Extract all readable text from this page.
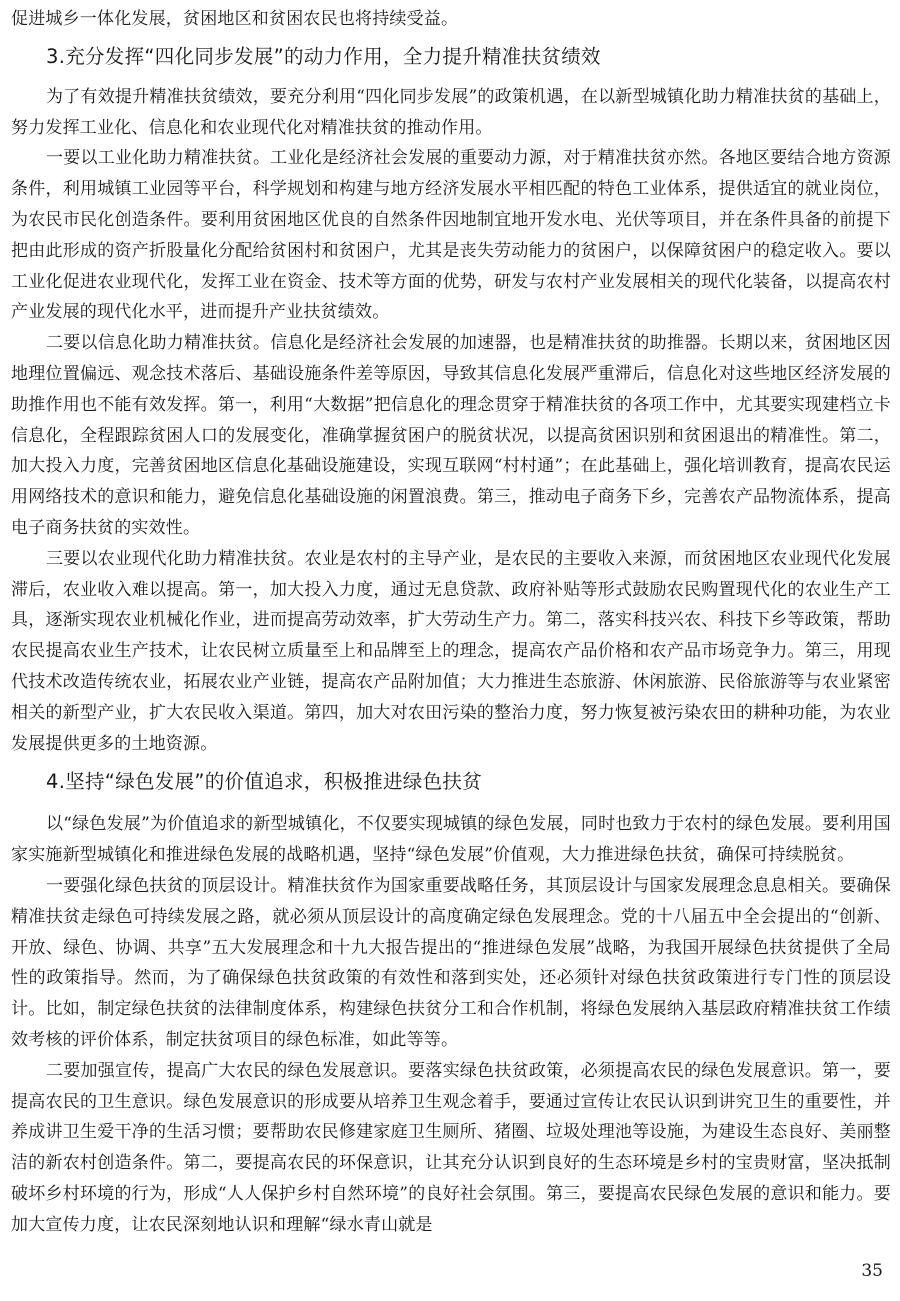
促进城乡一体化发展，贫困地区和贫困农民也将持续受益。

3.充分发挥“四化同步发展”的动力作用，全力提升精准扶贫绩效

为了有效提升精准扶贫绩效，要充分利用“四化同步发展”的政策机遇，在以新型城镇化助力精准扶贫的基础上，努力发挥工业化、信息化和农业现代化对精准扶贫的推动作用。

一要以工业化助力精准扶贫。工业化是经济社会发展的重要动力源，对于精准扶贫亦然。各地区要结合地方资源条件，利用城镇工业园等平台，科学规划和构建与地方经济发展水平相匹配的特色工业体系，提供适宜的就业岗位，为农民市民化创造条件。要利用贫困地区优良的自然条件因地制宜地开发水电、光伏等项目，并在条件具备的前提下把由此形成的资产折股量化分配给贫困村和贫困户，尤其是丧失劳动能力的贫困户，以保障贫困户的稳定收入。要以工业化促进农业现代化，发挥工业在资金、技术等方面的优势，研发与农村产业发展相关的现代化装备，以提高农村产业发展的现代化水平，进而提升产业扶贫绩效。

二要以信息化助力精准扶贫。信息化是经济社会发展的加速器，也是精准扶贫的助推器。长期以来，贫困地区因地理位置偏远、观念技术落后、基础设施条件差等原因，导致其信息化发展严重滞后，信息化对这些地区经济发展的助推作用也不能有效发挥。第一，利用“大数据”把信息化的理念贯穿于精准扶贫的各项工作中，尤其要实现建档立卡信息化，全程跟踪贫困人口的发展变化，准确掌握贫困户的脱贫状况，以提高贫困识别和贫困退出的精准性。第二，加大投入力度，完善贫困地区信息化基础设施建设，实现互联网“村村通”；在此基础上，强化培训教育，提高农民运用网络技术的意识和能力，避免信息化基础设施的闲置浪费。第三，推动电子商务下乡，完善农产品物流体系，提高电子商务扶贫的实效性。

三要以农业现代化助力精准扶贫。农业是农村的主导产业，是农民的主要收入来源，而贫困地区农业现代化发展滞后，农业收入难以提高。第一，加大投入力度，通过无息贷款、政府补贴等形式鼓励农民购置现代化的农业生产工具，逐渐实现农业机械化作业，进而提高劳动效率，扩大劳动生产力。第二，落实科技兴农、科技下乡等政策，帮助农民提高农业生产技术，让农民树立质量至上和品牌至上的理念，提高农产品价格和农产品市场竞争力。第三，用现代技术改造传统农业，拓展农业产业链，提高农产品附加值；大力推进生态旅游、休闲旅游、民俗旅游等与农业紧密相关的新型产业，扩大农民收入渠道。第四，加大对农田污染的整治力度，努力恢复被污染农田的耕种功能，为农业发展提供更多的土地资源。

4.坚持“绿色发展”的价值追求，积极推进绿色扶贫

以“绿色发展”为价值追求的新型城镇化，不仅要实现城镇的绿色发展，同时也致力于农村的绿色发展。要利用国家实施新型城镇化和推进绿色发展的战略机遇，坚持“绿色发展”价值观，大力推进绿色扶贫，确保可持续脱贫。

一要强化绿色扶贫的顶层设计。精准扶贫作为国家重要战略任务，其顶层设计与国家发展理念息息相关。要确保精准扶贫走绿色可持续发展之路，就必须从顶层设计的高度确定绿色发展理念。党的十八届五中全会提出的“创新、开放、绿色、协调、共享”五大发展理念和十九大报告提出的“推进绿色发展”战略，为我国开展绿色扶贫提供了全局性的政策指导。然而，为了确保绿色扶贫政策的有效性和落到实处，还必须针对绿色扶贫政策进行专门性的顶层设计。比如，制定绿色扶贫的法律制度体系，构建绿色扶贫分工和合作机制，将绿色发展纳入基层政府精准扶贫工作绩效考核的评价体系，制定扶贫项目的绿色标准，如此等等。

二要加强宣传，提高广大农民的绿色发展意识。要落实绿色扶贫政策，必须提高农民的绿色发展意识。第一，要提高农民的卫生意识。绿色发展意识的形成要从培养卫生观念着手，要通过宣传让农民认识到讲究卫生的重要性，并养成讲卫生爱干净的生活习惯；要帮助农民修建家庭卫生厕所、猪圈、垃圾处理池等设施，为建设生态良好、美丽整洁的新农村创造条件。第二，要提高农民的环保意识，让其充分认识到良好的生态环境是乡村的宝贵财富，坚决抵制破坏乡村环境的行为，形成“人人保护乡村自然环境”的良好社会氛围。第三，要提高农民绿色发展的意识和能力。要加大宣传力度，让农民深刻地认识和理解“绿水青山就是

35
